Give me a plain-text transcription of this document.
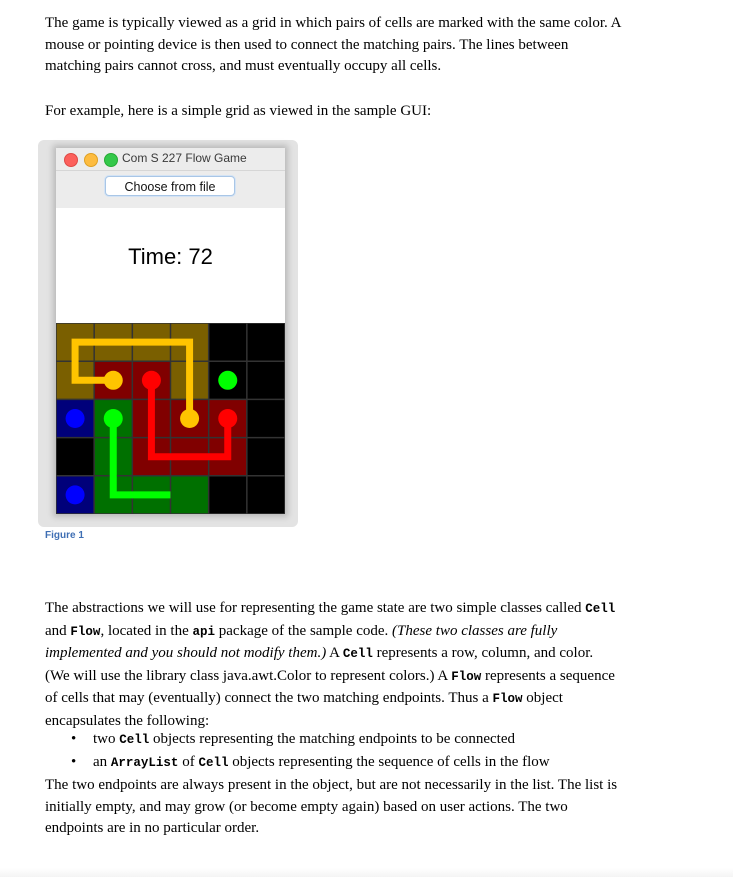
The game is typically viewed as a grid in which pairs of cells are marked with the same color. A
mouse or pointing device is then used to connect the matching pairs. The lines between
matching pairs cannot cross, and must eventually occupy all cells.

For example, here is a simple grid as viewed in the sample GUI:

Com S 227 Flow Game
Choose from file
Time: 72
Figure 1

The abstractions we will use for representing the game state are two simple classes called Cell
and Flow, located in the api package of the sample code. (These two classes are fully
implemented and you should not modify them.) A Cell represents a row, column, and color.
(We will use the library class java.awt.Color to represent colors.) A Flow represents a sequence
of cells that may (eventually) connect the two matching endpoints. Thus a Flow object
encapsulates the following:

• two Cell objects representing the matching endpoints to be connected
• an ArrayList of Cell objects representing the sequence of cells in the flow

The two endpoints are always present in the object, but are not necessarily in the list. The list is
initially empty, and may grow (or become empty again) based on user actions. The two
endpoints are in no particular order.
